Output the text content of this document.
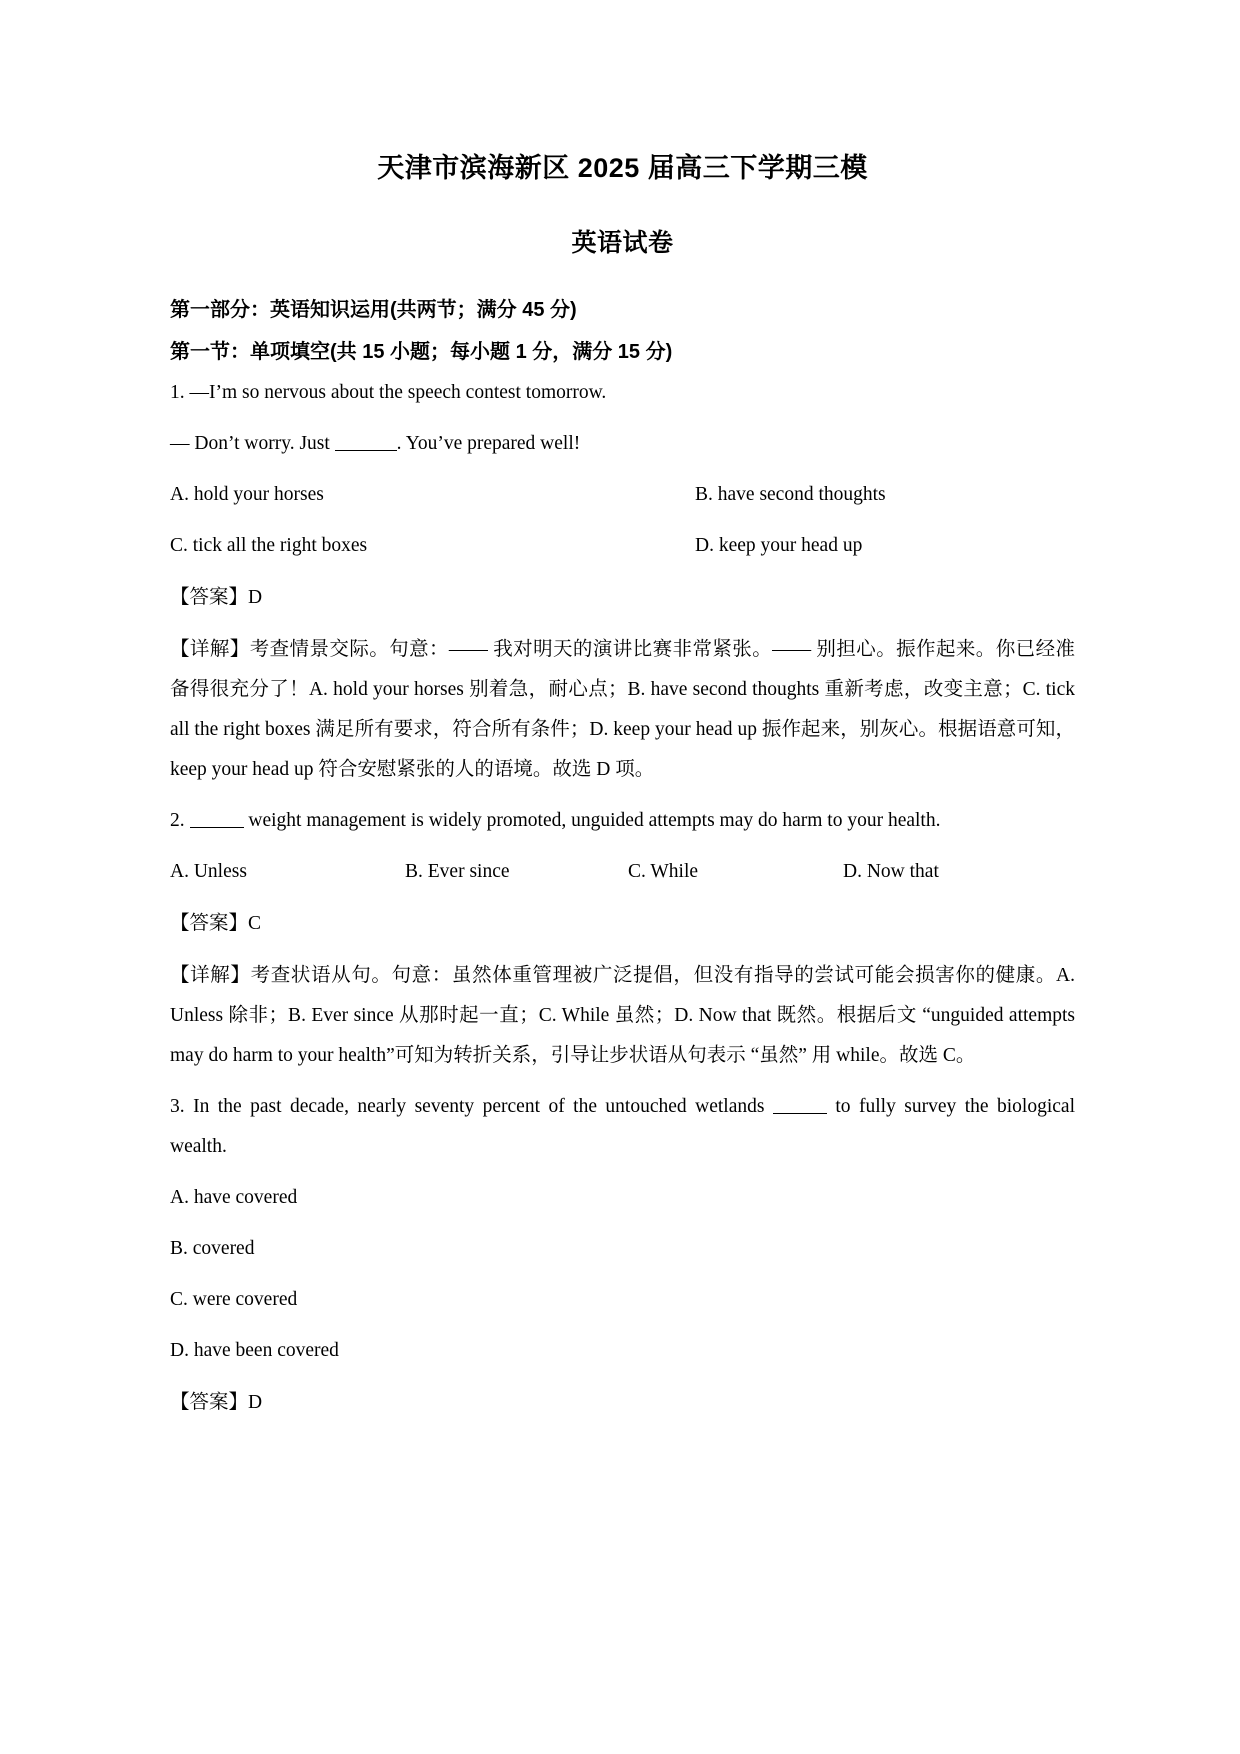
天津市滨海新区 2025 届高三下学期三模
英语试卷

第一部分：英语知识运用(共两节；满分 45 分)

第一节：单项填空(共 15 小题；每小题 1 分，满分 15 分)

1. —I’m so nervous about the speech contest tomorrow.

— Don’t worry. Just	. You’ve prepared well!

A. hold your horses	B. have second thoughts

C. tick all the right boxes	D. keep your head up

【答案】D

【详解】考查情景交际。句意：—— 我对明天的演讲比赛非常紧张。—— 别担心。振作起来。你已经准备得很充分了！A. hold your horses 别着急，耐心点；B. have second thoughts 重新考虑，改变主意；C. tick all the right boxes 满足所有要求，符合所有条件；D. keep your head up 振作起来，别灰心。根据语意可知，keep your head up 符合安慰紧张的人的语境。故选 D 项。

2.	weight management is widely promoted, unguided attempts may do harm to your health.

A. Unless	B. Ever since	C. While	D. Now that

【答案】C

【详解】考查状语从句。句意：虽然体重管理被广泛提倡，但没有指导的尝试可能会损害你的健康。A. Unless 除非；B. Ever since 从那时起一直；C. While 虽然；D. Now that 既然。根据后文 “unguided attempts may do harm to your health”可知为转折关系，引导让步状语从句表示 “虽然” 用 while。故选 C。

3. In the past decade, nearly seventy percent of the untouched wetlands	to fully survey the biological wealth.

A. have covered

B. covered

C. were covered

D. have been covered

【答案】D
